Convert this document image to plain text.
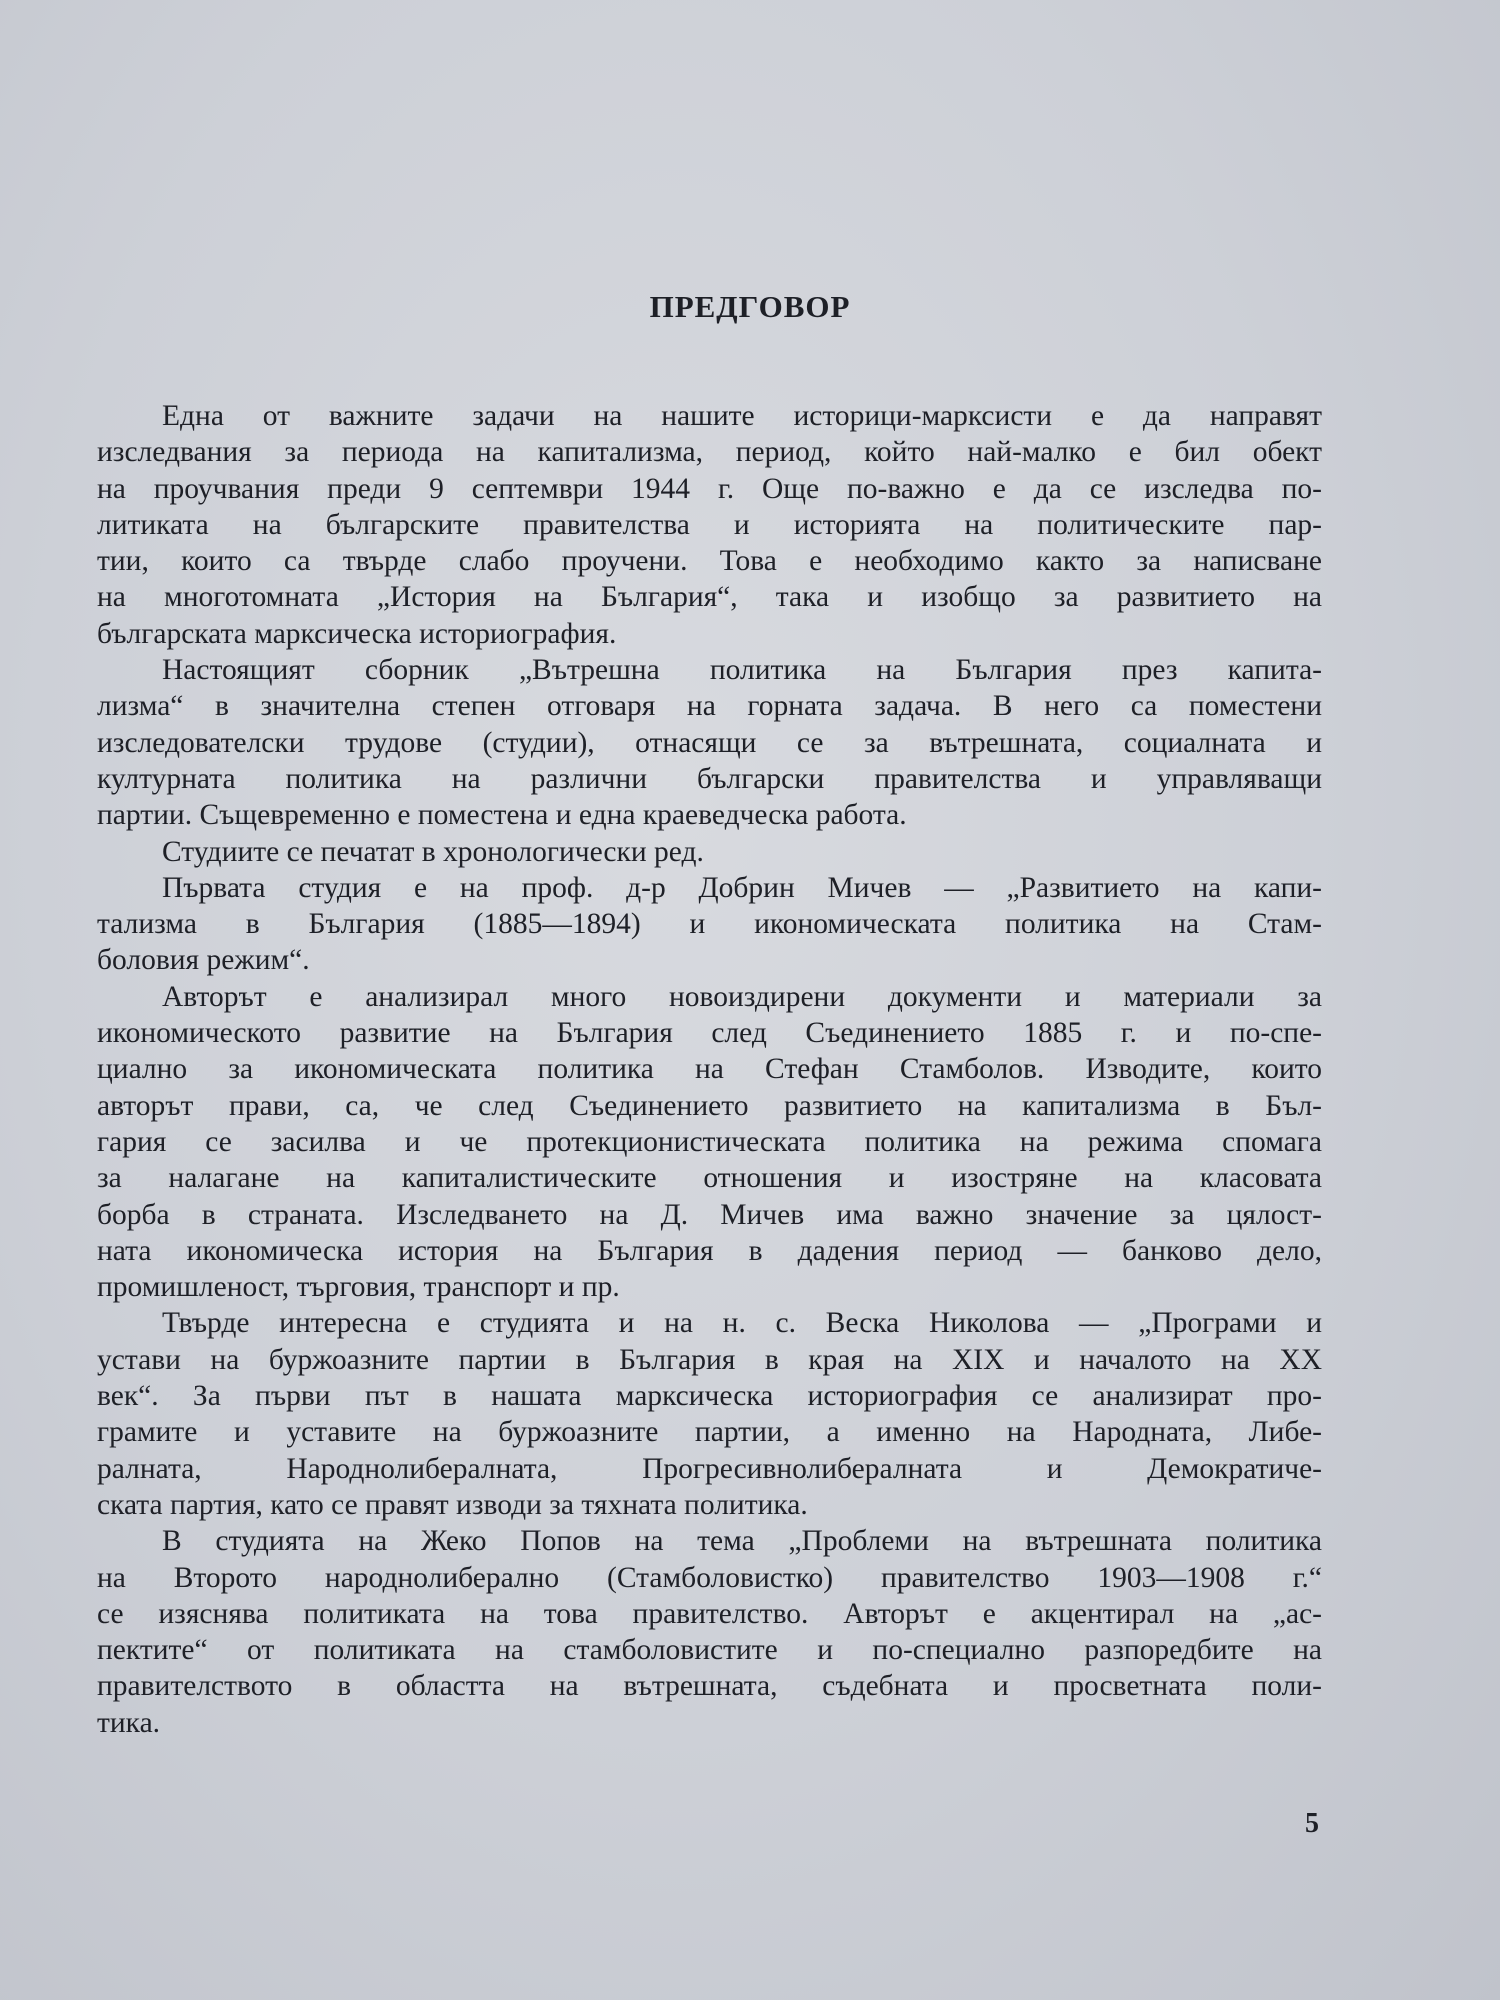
ПРЕДГОВОР

Една от важните задачи на нашите историци-марксисти е да направят
изследвания за периода на капитализма, период, който най-малко е бил обект
на проучвания преди 9 септември 1944 г. Още по-важно е да се изследва по-
литиката на българските правителства и историята на политическите пар-
тии, които са твърде слабо проучени. Това е необходимо както за написване
на многотомната „История на България“, така и изобщо за развитието на
българската марксическа историография.

Настоящият сборник „Вътрешна политика на България през капита-
лизма“ в значителна степен отговаря на горната задача. В него са поместени
изследователски трудове (студии), отнасящи се за вътрешната, социалната и
културната политика на различни български правителства и управляващи
партии. Същевременно е поместена и една краеведческа работа.

Студиите се печатат в хронологически ред.

Първата студия е на проф. д-р Добрин Мичев — „Развитието на капи-
тализма в България (1885—1894) и икономическата политика на Стам-
боловия режим“.

Авторът е анализирал много новоиздирени документи и материали за
икономическото развитие на България след Съединението 1885 г. и по-спе-
циално за икономическата политика на Стефан Стамболов. Изводите, които
авторът прави, са, че след Съединението развитието на капитализма в Бъл-
гария се засилва и че протекционистическата политика на режима спомага
за налагане на капиталистическите отношения и изостряне на класовата
борба в страната. Изследването на Д. Мичев има важно значение за цялост-
ната икономическа история на България в дадения период — банково дело,
промишленост, търговия, транспорт и пр.

Твърде интересна е студията и на н. с. Веска Николова — „Програми и
устави на буржоазните партии в България в края на XIX и началото на XX
век“. За първи път в нашата марксическа историография се анализират про-
грамите и уставите на буржоазните партии, а именно на Народната, Либе-
ралната, Народнолибералната, Прогресивнолибералната и Демократиче-
ската партия, като се правят изводи за тяхната политика.

В студията на Жеко Попов на тема „Проблеми на вътрешната политика
на Второто народнолиберално (Стамболовистко) правителство 1903—1908 г.“
се изяснява политиката на това правителство. Авторът е акцентирал на „ас-
пектите“ от политиката на стамболовистите и по-специално разпоредбите на
правителството в областта на вътрешната, съдебната и просветната поли-
тика.

5
